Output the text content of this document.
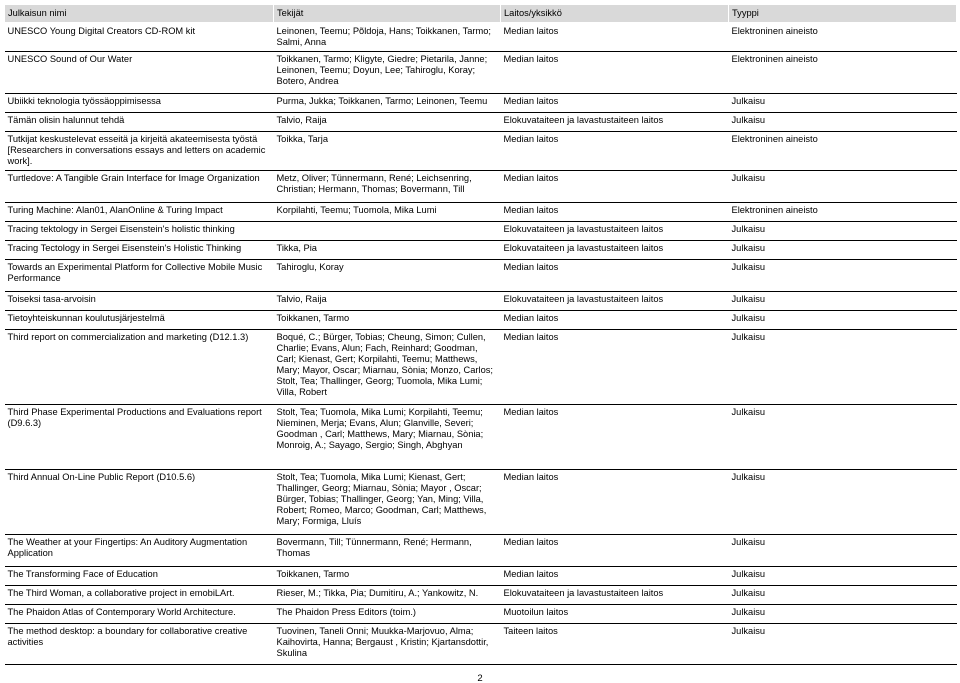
Julkaisun nimi	Tekijät	Laitos/yksikkö	Tyyppi
UNESCO Young Digital Creators CD-ROM kit	Leinonen, Teemu; Põldoja, Hans; Toikkanen, Tarmo; Salmi, Anna	Median laitos	Elektroninen aineisto
UNESCO Sound of Our Water	Toikkanen, Tarmo; Kligyte, Giedre; Pietarila, Janne; Leinonen, Teemu; Doyun, Lee; Tahiroglu, Koray; Botero, Andrea	Median laitos	Elektroninen aineisto
Ubiikki teknologia työssäoppimisessa	Purma, Jukka; Toikkanen, Tarmo; Leinonen, Teemu	Median laitos	Julkaisu
Tämän olisin halunnut tehdä	Talvio, Raija	Elokuvataiteen ja lavastustaiteen laitos	Julkaisu
Tutkijat keskustelevat esseitä ja kirjeitä akateemisesta työstä [Researchers in conversations essays and letters on academic work].	Toikka, Tarja	Median laitos	Elektroninen aineisto
Turtledove: A Tangible Grain Interface for Image Organization	Metz, Oliver; Tünnermann, René; Leichsenring, Christian; Hermann, Thomas; Bovermann, Till	Median laitos	Julkaisu
Turing Machine: Alan01, AlanOnline & Turing Impact	Korpilahti, Teemu; Tuomola, Mika Lumi	Median laitos	Elektroninen aineisto
Tracing tektology in Sergei Eisenstein's holistic thinking		Elokuvataiteen ja lavastustaiteen laitos	Julkaisu
Tracing Tectology in Sergei Eisenstein's Holistic Thinking	Tikka, Pia	Elokuvataiteen ja lavastustaiteen laitos	Julkaisu
Towards an Experimental Platform for Collective Mobile Music Performance	Tahiroglu, Koray	Median laitos	Julkaisu
Toiseksi tasa-arvoisin	Talvio, Raija	Elokuvataiteen ja lavastustaiteen laitos	Julkaisu
Tietoyhteiskunnan koulutusjärjestelmä	Toikkanen, Tarmo	Median laitos	Julkaisu
Third report on commercialization and marketing (D12.1.3)	Boqué, C.; Bürger, Tobias; Cheung, Simon; Cullen, Charlie; Evans, Alun; Fach, Reinhard; Goodman, Carl; Kienast, Gert; Korpilahti, Teemu; Matthews, Mary; Mayor, Oscar; Miarnau, Sònia; Monzo, Carlos; Stolt, Tea; Thallinger, Georg; Tuomola, Mika Lumi; Villa, Robert	Median laitos	Julkaisu
Third Phase Experimental Productions and Evaluations report (D9.6.3)	Stolt, Tea; Tuomola, Mika Lumi; Korpilahti, Teemu; Nieminen, Merja; Evans, Alun; Glanville, Severi; Goodman , Carl; Matthews, Mary; Miarnau, Sònia; Monroig, A.; Sayago, Sergio; Singh, Abghyan	Median laitos	Julkaisu
Third Annual On-Line Public Report (D10.5.6)	Stolt, Tea; Tuomola, Mika Lumi; Kienast, Gert; Thallinger, Georg; Miarnau, Sònia; Mayor , Oscar; Bürger, Tobias; Thallinger, Georg; Yan, Ming; Villa, Robert; Romeo, Marco; Goodman, Carl; Matthews, Mary; Formiga, Lluís	Median laitos	Julkaisu
The Weather at your Fingertips: An Auditory Augmentation Application	Bovermann, Till; Tünnermann, René; Hermann, Thomas	Median laitos	Julkaisu
The Transforming Face of Education	Toikkanen, Tarmo	Median laitos	Julkaisu
The Third Woman, a collaborative project in emobiLArt.	Rieser, M.; Tikka, Pia; Dumitiru, A.; Yankowitz, N.	Elokuvataiteen ja lavastustaiteen laitos	Julkaisu
The Phaidon Atlas of Contemporary World Architecture.	The Phaidon Press Editors (toim.)	Muotoilun laitos	Julkaisu
The method desktop: a boundary for collaborative creative activities	Tuovinen, Taneli Onni; Muukka-Marjovuo, Alma; Kaihovirta, Hanna; Bergaust , Kristin; Kjartansdottir, Skulina	Taiteen laitos	Julkaisu
2
